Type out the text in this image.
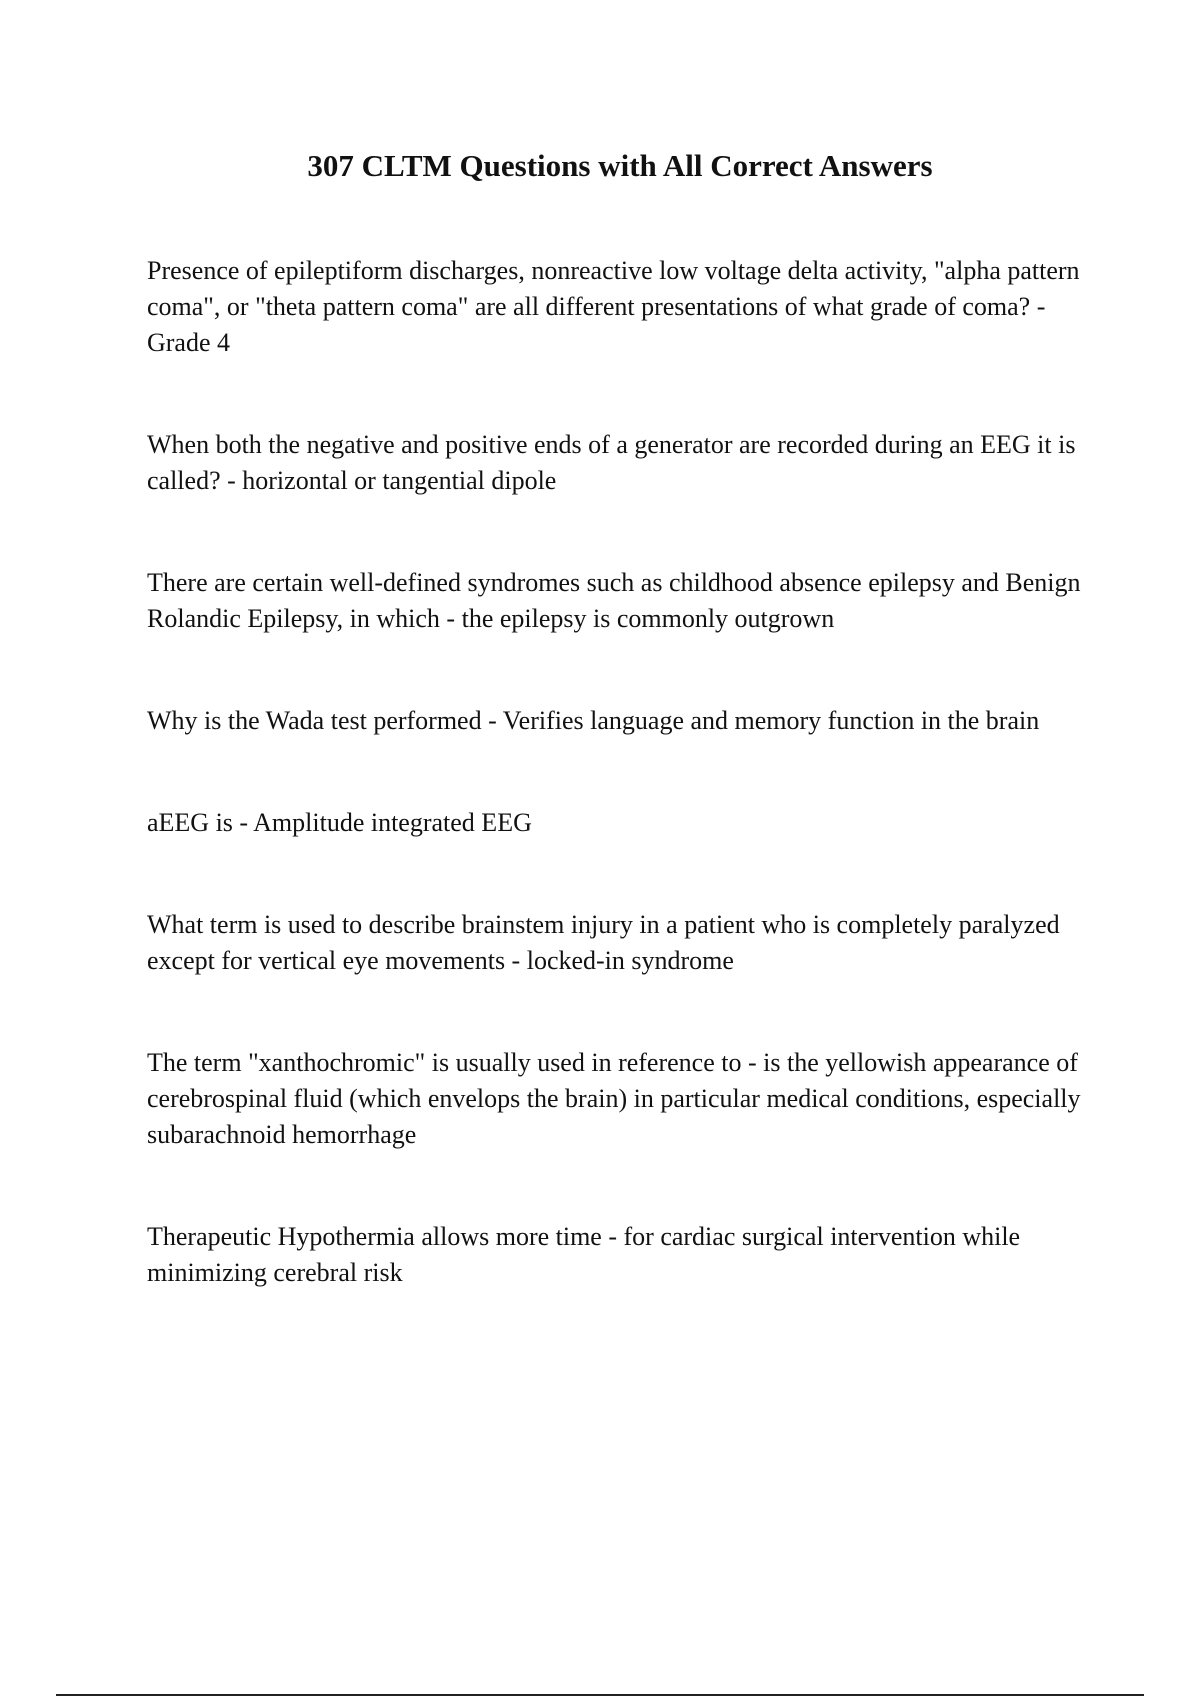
307 CLTM Questions with All Correct Answers
Presence of epileptiform discharges, nonreactive low voltage delta activity, "alpha pattern coma", or "theta pattern coma" are all different presentations of what grade of coma? - Grade 4
When both the negative and positive ends of a generator are recorded during an EEG it is called? - horizontal or tangential dipole
There are certain well-defined syndromes such as childhood absence epilepsy and Benign Rolandic Epilepsy, in which - the epilepsy is commonly outgrown
Why is the Wada test performed - Verifies language and memory function in the brain
aEEG is - Amplitude integrated EEG
What term is used to describe brainstem injury in a patient who is completely paralyzed except for vertical eye movements - locked-in syndrome
The term "xanthochromic" is usually used in reference to - is the yellowish appearance of cerebrospinal fluid (which envelops the brain) in particular medical conditions, especially subarachnoid hemorrhage
Therapeutic Hypothermia allows more time - for cardiac surgical intervention while minimizing cerebral risk
